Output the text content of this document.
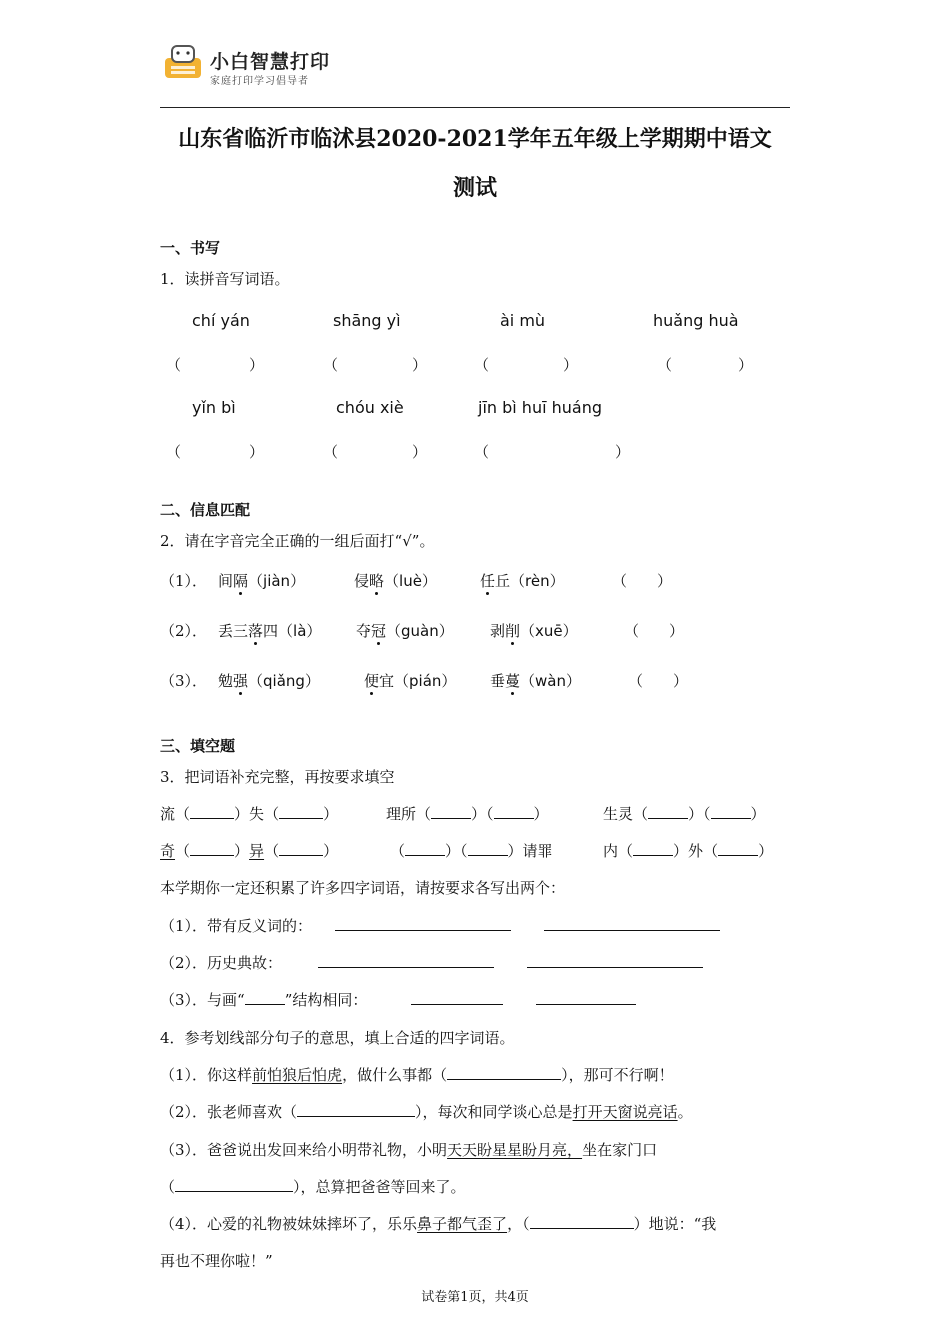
小白智慧打印
家庭打印学习倡导者
山东省临沂市临沭县2020-2021学年五年级上学期期中语文
测试
一、书写
1．读拼音写词语。
chí yán	shāng yì	ài mù	huǎng huà
（	）	（	）	（	）	（	）
yǐn bì	chóu xiè	jīn bì huī huáng
（	）	（	）	（	）
二、信息匹配
2．请在字音完全正确的一组后面打“√”。
（1）． 间隔（jiàn）	侵略（luè）	任丘（rèn）	（　　）
（2）． 丢三落四（là） 夺冠（guàn） 剥削（xuē）	（　　）
（3）． 勉强（qiǎng）	便宜（pián） 垂蔓（wàn）	（　　）
三、填空题
3．把词语补充完整，再按要求填空
流（	）失（	）	理所（	）（	）	生灵（	）（	）
奇（	）异（	）	（	）（	）请罪	内（	）外（	）
本学期你一定还积累了许多四字词语，请按要求各写出两个：
（1）．带有反义词的：
（2）．历史典故：
（3）．与画“	”结构相同：
4．参考划线部分句子的意思，填上合适的四字词语。
（1）．你这样前怕狼后怕虎，做什么事都（	），那可不行啊！
（2）．张老师喜欢（	），每次和同学谈心总是打开天窗说亮话。
（3）．爸爸说出发回来给小明带礼物，小明天天盼星星盼月亮，坐在家门口
（	），总算把爸爸等回来了。
（4）．心爱的礼物被妹妹摔坏了，乐乐鼻子都气歪了，（	）地说：“我
再也不理你啦！”
试卷第1页，共4页
